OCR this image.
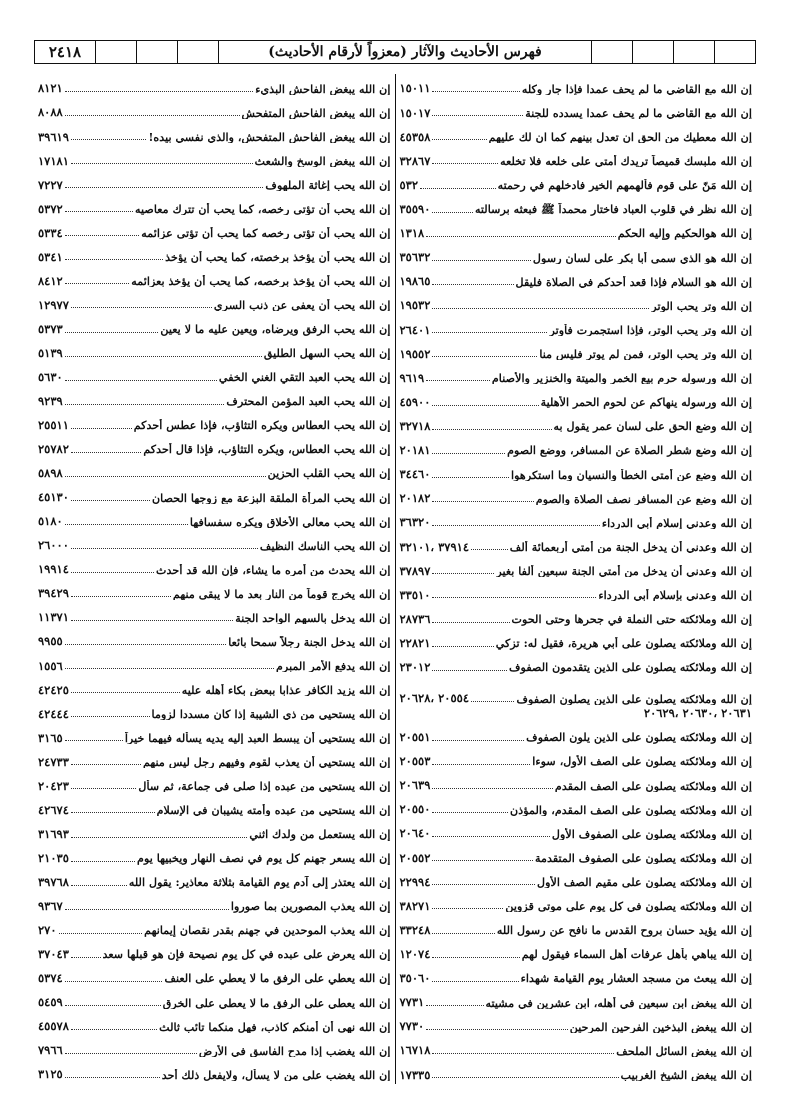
٢٤١٨	فهرس الأحاديث والآثار (معزواً لأرقام الأحاديث)
إن الله مع القاضي ما لم يحف عمدا فإذا جار وكله
١٥٠١١
إن الله مع القاضي ما لم يحف عمدا يسدده للجنة
١٥٠١٧
إن الله معطيك من الحق ان تعدل بينهم كما ان لك عليهم
٤٥٣٥٨
إن الله ملبسك قميصاً تريدك أمتي على خلعه فلا تخلعه
٣٢٨٦٧
إن الله مَنّ على قوم فألهمهم الخير فادخلهم في رحمته
٥٣٢
إن الله نظر في قلوب العباد فاختار محمداً ﷺ فبعثه برسالته
٣٥٥٩٠
إن الله هوالحكيم وإليه الحكم
١٣١٨
إن الله هو الذي سمى أبا بكر على لسان رسول
٣٥٦٣٢
إن الله هو السلام فإذا قعد أحدكم في الصلاة فليقل
١٩٨٦٥
إن الله وتر يحب الوتر
١٩٥٣٢
إن الله وتر يحب الوتر، فإذا استجمرت فأوتر
٢٦٤٠١
إن الله وتر يحب الوتر، فمن لم يوتر فليس منا
١٩٥٥٢
إن الله ورسوله حرم بيع الخمر والميتة والخنزير والأصنام
٩٦١٩
إن الله ورسوله ينهاكم عن لحوم الحمر الأهلية
٤٥٩٠٠
إن الله وضع الحق على لسان عمر يقول به
٣٢٧١٨
إن الله وضع شطر الصلاة عن المسافر، ووضع الصوم
٢٠١٨١
إن الله وضع عن أمتي الخطأ والنسيان وما استكرهوا
٣٤٤٦٠
إن الله وضع عن المسافر نصف الصلاة والصوم
٢٠١٨٢
إن الله وعدني إسلام أبي الدرداء
٣٦٣٢٠
إن الله وعدني أن يدخل الجنة من أمتي أربعمائة ألف
٣٧٩١٤ ،٣٢١٠١
إن الله وعدني أن يدخل من أمتي الجنة سبعين ألفا بغير
٣٧٨٩٧
إن الله وعدني بإسلام أبي الدرداء
٣٣٥١٠
إن الله وملائكته حتى النملة في جحرها وحتى الحوت
٢٨٧٣٦
إن الله وملائكته يصلون على أبي هريرة، فقيل له: تزكي
٢٢٨٢١
إن الله وملائكته يصلون على الذين يتقدمون الصفوف
٢٣٠١٢
إن الله وملائكته يصلون على الذين يصلون الصفوف
٢٠٥٥٤ ،٢٠٦٢٨
٢٠٦٣١ ،٢٠٦٣٠ ،٢٠٦٢٩
إن الله وملائكته يصلون على الذين يلون الصفوف
٢٠٥٥١
إن الله وملائكته يصلون على الصف الأول، سوءا
٢٠٥٥٣
إن الله وملائكته يصلون على الصف المقدم
٢٠٦٣٩
إن الله وملائكته يصلون على الصف المقدم، والمؤذن
٢٠٥٥٠
إن الله وملائكته يصلون على الصفوف الأول
٢٠٦٤٠
إن الله وملائكته يصلون على الصفوف المتقدمة
٢٠٥٥٢
إن الله وملائكته يصلون على مقيم الصف الأول
٢٢٩٩٤
إن الله وملائكته يصلون في كل يوم على موتى قزوين
٣٨٢٧١
إن الله يؤيد حسان بروح القدس ما نافح عن رسول الله
٣٣٢٤٨
إن الله يباهي بأهل عرفات أهل السماء فيقول لهم
١٢٠٧٤
إن الله يبعث من مسجد العشار يوم القيامة شهداء
٣٥٠٦٠
إن الله يبغض ابن سبعين في أهله، ابن عشرين في مشيته
٧٧٣١
إن الله يبغض البذخين الفرحين المرحين
٧٧٣٠
إن الله يبغض السائل الملحف
١٦٧١٨
إن الله يبغض الشيخ الغربيب
١٧٣٣٥
إن الله يبغض الفاحش البذيء
٨١٢١
إن الله يبغض الفاحش المتفحش
٨٠٨٨
إن الله يبغض الفاحش المتفحش، والذي نفسي بيده!
٣٩٦١٩
إن الله يبغض الوسخ والشعث
١٧١٨١
إن الله يحب إغاثة الملهوف
٧٢٢٧
إن الله يحب أن تؤتى رخصه، كما يحب أن تترك معاصيه
٥٣٧٢
إن الله يحب أن تؤتى رخصه كما يحب أن تؤتى عزائمه
٥٣٣٤
إن الله يحب أن يؤخذ برخصته، كما يحب أن يؤخذ
٥٣٤١
إن الله يحب أن يؤخذ برخصه، كما يحب أن يؤخذ بعزائمه
٨٤١٢
إن الله يحب أن يعفى عن ذنب السري
١٢٩٧٧
إن الله يحب الرفق ويرضاه، ويعين عليه ما لا يعين
٥٣٧٣
إن الله يحب السهل الطليق
٥١٣٩
إن الله يحب العبد التقي الغني الخفي
٥٦٣٠
إن الله يحب العبد المؤمن المحترف
٩٢٣٩
إن الله يحب العطاس ويكره التثاؤب، فإذا عطس أحدكم
٢٥٥١١
إن الله يحب العطاس، ويكره التثاؤب، فإذا قال أحدكم
٢٥٧٨٢
إن الله يحب القلب الحزين
٥٨٩٨
إن الله يحب المرأة الملقة البزعة مع زوجها الحصان
٤٥١٣٠
إن الله يحب معالي الأخلاق ويكره سفسافها
٥١٨٠
إن الله يحب الناسك النظيف
٢٦٠٠٠
إن الله يحدث من أمره ما يشاء، فإن الله قد أحدث
١٩٩١٤
إن الله يخرج قوماً من النار بعد ما لا يبقى منهم
٣٩٤٢٩
إن الله يدخل بالسهم الواحد الجنة
١١٣٧١
إن الله يدخل الجنة رجلاً سمحا بائعا
٩٩٥٥
إن الله يدفع الأمر المبرم
١٥٥٦
إن الله يزيد الكافر عذابا ببعض بكاء أهله عليه
٤٢٤٢٥
إن الله يستحيي من ذي الشيبة إذا كان مسددا لزوما
٤٢٤٤٤
إن الله يستحيي أن يبسط العبد إليه يديه يسأله فيهما خيراً
٣١٦٥
إن الله يستحيي أن يعذب لقوم وفيهم رجل ليس منهم
٢٤٧٣٣
إن الله يستحيي من عبده إذا صلى في جماعة، ثم سأل
٢٠٤٢٣
إن الله يستحيي من عبده وأمته يشيبان في الإسلام
٤٢٦٧٤
إن الله يستعمل من ولدك اثني
٣١٦٩٣
إن الله يسعر جهنم كل يوم في نصف النهار ويخبيها يوم
٢١٠٣٥
إن الله يعتذر إلى آدم يوم القيامة بثلاثة معاذير: يقول الله
٣٩٧٦٨
إن الله يعذب المصورين بما صوروا
٩٣٦٧
إن الله يعذب الموحدين في جهنم بقدر نقصان إيمانهم
٢٧٠
إن الله يعرض على عبده في كل يوم نصيحة فإن هو قبلها سعد
٣٧٠٤٣
إن الله يعطي على الرفق ما لا يعطي على العنف
٥٣٧٤
إن الله يعطي على الرفق ما لا يعطي على الخرق
٥٤٥٩
إن الله نهى أن أمنكم كاذب، فهل منكما تائب ثالث
٤٥٥٧٨
إن الله يغضب إذا مدح الفاسق في الأرض
٧٩٦٦
إن الله يغضب على من لا يسأل، ولايفعل ذلك أحد
٣١٢٥
